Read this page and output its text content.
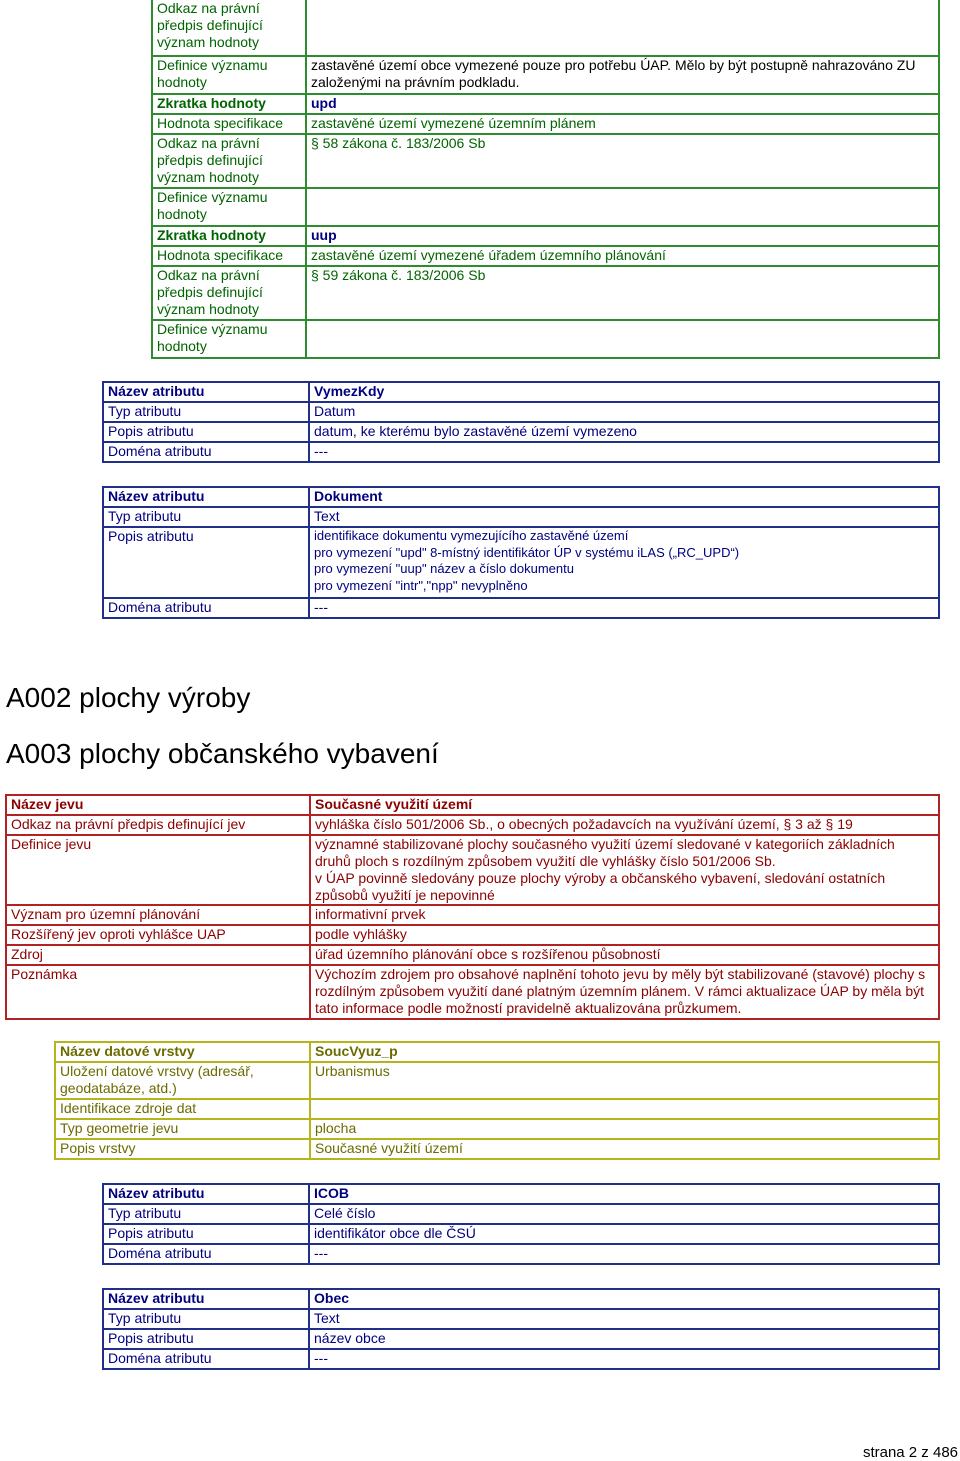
Odkaz na právní předpis definující význam hodnoty	
Definice významu hodnoty	zastavěné území obce vymezené pouze pro potřebu ÚAP. Mělo by být postupně nahrazováno ZU založenými na právním podkladu.
Zkratka hodnoty	upd
Hodnota specifikace	zastavěné území vymezené územním plánem
Odkaz na právní předpis definující význam hodnoty	§ 58 zákona č. 183/2006 Sb
Definice významu hodnoty	
Zkratka hodnoty	uup
Hodnota specifikace	zastavěné území vymezené úřadem územního plánování
Odkaz na právní předpis definující význam hodnoty	§ 59 zákona č. 183/2006 Sb
Definice významu hodnoty	
Název atributu	VymezKdy
Typ atributu	Datum
Popis atributu	datum, ke kterému bylo zastavěné území vymezeno
Doména atributu	---
Název atributu	Dokument
Typ atributu	Text
Popis atributu	identifikace dokumentu vymezujícího zastavěné území
pro vymezení "upd" 8-místný identifikátor ÚP v systému iLAS („RC_UPD“)
pro vymezení "uup" název a číslo dokumentu
pro vymezení "intr","npp" nevyplněno

Doména atributu	---
A002 plochy výroby
A003 plochy občanského vybavení
Název jevu	Současné využití území
Odkaz na právní předpis definující jev	vyhláška číslo 501/2006 Sb., o obecných požadavcích na využívání území, § 3 až § 19
Definice jevu	významné stabilizované plochy současného využití území sledované v kategoriích základních druhů ploch s rozdílným způsobem využití dle vyhlášky číslo 501/2006 Sb.
v ÚAP povinně sledovány pouze plochy výroby a občanského vybavení, sledování ostatních způsobů využití je nepovinné

Význam pro územní plánování	informativní prvek
Rozšířený jev oproti vyhlášce UAP	podle vyhlášky
Zdroj	úřad územního plánování obce s rozšířenou působností
Poznámka	Výchozím zdrojem pro obsahové naplnění tohoto jevu by měly být stabilizované (stavové) plochy s rozdílným způsobem využití dané platným územním plánem. V rámci aktualizace ÚAP by měla být tato informace podle možností pravidelně aktualizována průzkumem.
Název datové vrstvy	SoucVyuz_p
Uložení datové vrstvy (adresář, geodatabáze, atd.)	Urbanismus
Identifikace zdroje dat	
Typ geometrie jevu	plocha
Popis vrstvy	Současné využití území
Název atributu	ICOB
Typ atributu	Celé číslo
Popis atributu	identifikátor obce dle ČSÚ
Doména atributu	---
Název atributu	Obec
Typ atributu	Text
Popis atributu	název obce
Doména atributu	---
strana 2 z 486
